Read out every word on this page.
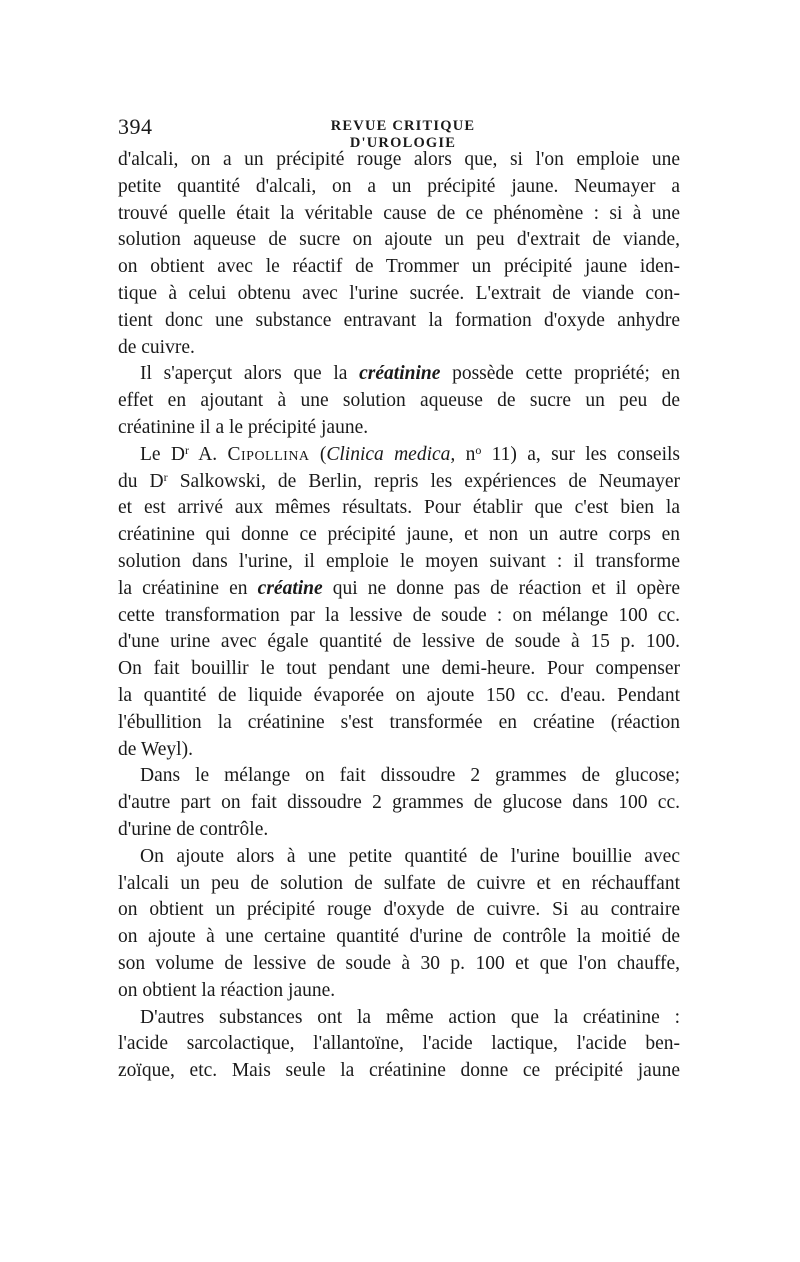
394	REVUE CRITIQUE D'UROLOGIE
d'alcali, on a un précipité rouge alors que, si l'on emploie une
petite quantité d'alcali, on a un précipité jaune. Neumayer a
trouvé quelle était la véritable cause de ce phénomène : si à une
solution aqueuse de sucre on ajoute un peu d'extrait de viande,
on obtient avec le réactif de Trommer un précipité jaune iden-
tique à celui obtenu avec l'urine sucrée. L'extrait de viande con-
tient donc une substance entravant la formation d'oxyde anhydre
de cuivre.
Il s'aperçut alors que la créatinine possède cette propriété; en
effet en ajoutant à une solution aqueuse de sucre un peu de
créatinine il a le précipité jaune.
Le $D^r$ A. Cipollina (Clinica medica, $n^o$ 11) a, sur les conseils
du $D^r$ Salkowski, de Berlin, repris les expériences de Neumayer
et est arrivé aux mêmes résultats. Pour établir que c'est bien la
créatinine qui donne ce précipité jaune, et non un autre corps en
solution dans l'urine, il emploie le moyen suivant : il transforme
la créatinine en créatine qui ne donne pas de réaction et il opère
cette transformation par la lessive de soude : on mélange 100 cc.
d'une urine avec égale quantité de lessive de soude à 15 p. 100.
On fait bouillir le tout pendant une demi-heure. Pour compenser
la quantité de liquide évaporée on ajoute 150 cc. d'eau. Pendant
l'ébullition la créatinine s'est transformée en créatine (réaction
de Weyl).
Dans le mélange on fait dissoudre 2 grammes de glucose;
d'autre part on fait dissoudre 2 grammes de glucose dans 100 cc.
d'urine de contrôle.
On ajoute alors à une petite quantité de l'urine bouillie avec
l'alcali un peu de solution de sulfate de cuivre et en réchauffant
on obtient un précipité rouge d'oxyde de cuivre. Si au contraire
on ajoute à une certaine quantité d'urine de contrôle la moitié de
son volume de lessive de soude à 30 p. 100 et que l'on chauffe,
on obtient la réaction jaune.
D'autres substances ont la même action que la créatinine :
l'acide sarcolactique, l'allantoïne, l'acide lactique, l'acide ben-
zoïque, etc. Mais seule la créatinine donne ce précipité jaune
